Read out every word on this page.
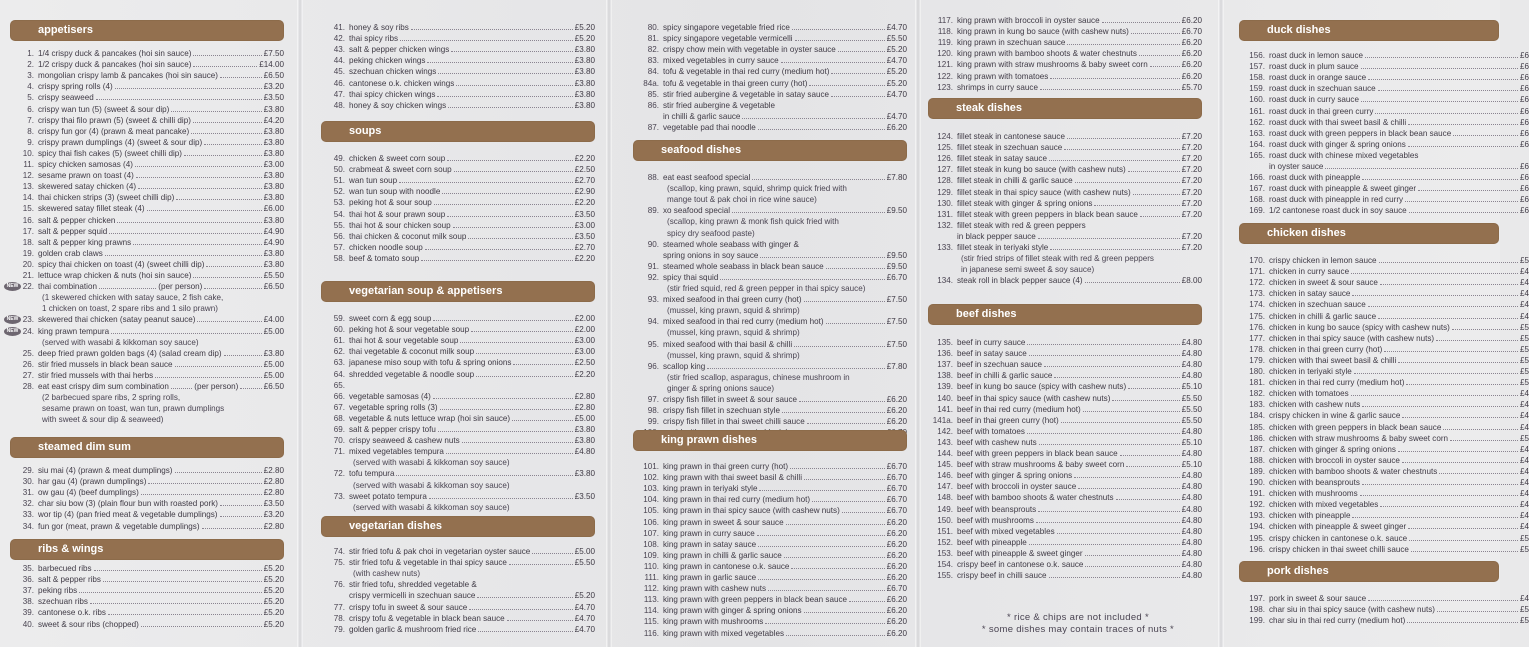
appetisers
1. 1/4 crispy duck & pancakes (hoi sin sauce)	£7.50
2. 1/2 crispy duck & pancakes (hoi sin sauce)	£14.00
3. mongolian crispy lamb & pancakes (hoi sin sauce)	£6.50
4. crispy spring rolls (4)	£3.20
5. crispy seaweed	£3.50
6. crispy wan tun (5) (sweet & sour dip)	£3.80
7. crispy thai filo prawn (5) (sweet & chilli dip)	£4.20
8. crispy fun gor (4) (prawn & meat pancake)	£3.80
9. crispy prawn dumplings (4) (sweet & sour dip)	£3.80
10. spicy thai fish cakes (5) (sweet chilli dip)	£3.80
11. spicy chicken samosas (4)	£3.00
12. sesame prawn on toast (4)	£3.80
13. skewered satay chicken (4)	£3.80
14. thai chicken strips (3) (sweet chilli dip)	£3.80
15. skewered satay fillet steak (4)	£6.00
16. salt & pepper chicken	£3.80
17. salt & pepper squid	£4.90
18. salt & pepper king prawns	£4.90
19. golden crab claws	£3.80
20. spicy thai chicken on toast (4) (sweet chilli dip)	£3.80
21. lettuce wrap chicken & nuts (hoi sin sauce)	£5.50
22. thai combination	(per person)	£6.50
NEW
(1 skewered chicken with satay sauce, 2 fish cake,
1 chicken on toast, 2 spare ribs and 1 silo prawn)
23. skewered thai chicken (satay peanut sauce)	£4.00
NEW
24. king prawn tempura	£5.00
NEW
(served with wasabi & kikkoman soy sauce)
25. deep fried prawn golden bags (4) (salad cream dip)	£3.80
26. stir fried mussels in black bean sauce	£5.00
27. stir fried mussels with thai herbs	£5.00
28. eat east crispy dim sum combination	(per person)	£6.50
(2 barbecued spare ribs, 2 spring rolls,
sesame prawn on toast, wan tun, prawn dumplings
with sweet & sour dip & seaweed)
steamed dim sum
29. siu mai (4) (prawn & meat dumplings)	£2.80
30. har gau (4) (prawn dumplings)	£2.80
31. ow gau (4) (beef dumplings)	£2.80
32. char siu bow (3) (plain flour bun with roasted pork)	£3.50
33. wor tip (4) (pan fried meat & vegetable dumplings)	£3.20
34. fun gor (meat, prawn & vegetable dumplings)	£2.80
ribs & wings
35. barbecued ribs	£5.20
36. salt & pepper ribs	£5.20
37. peking ribs	£5.20
38. szechuan ribs	£5.20
39. cantonese o.k. ribs	£5.20
40. sweet & sour ribs (chopped)	£5.20
41. honey & soy ribs	£5.20
42. thai spicy ribs	£5.20
43. salt & pepper chicken wings	£3.80
44. peking chicken wings	£3.80
45. szechuan chicken wings	£3.80
46. cantonese o.k. chicken wings	£3.80
47. thai spicy chicken wings	£3.80
48. honey & soy chicken wings	£3.80
soups
49. chicken & sweet corn soup	£2.20
50. crabmeat & sweet corn soup	£2.50
51. wan tun soup	£2.70
52. wan tun soup with noodle	£2.90
53. peking hot & sour soup	£2.20
54. thai hot & sour prawn soup	£3.50
55. thai hot & sour chicken soup	£3.00
56. thai chicken & coconut milk soup	£3.50
57. chicken noodle soup	£2.70
58. beef & tomato soup	£2.20
vegetarian soup & appetisers
59. sweet corn & egg soup	£2.00
60. peking hot & sour vegetable soup	£2.00
61. thai hot & sour vegetable soup	£3.00
62. thai vegetable & coconut milk soup	£3.00
63. japanese miso soup with tofu & spring onions	£2.50
64. shredded vegetable & noodle soup	£2.20
65.
66. vegetable samosas (4)	£2.80
67. vegetable spring rolls (3)	£2.80
68. vegetable & nuts lettuce wrap (hoi sin sauce)	£5.00
69. salt & pepper crispy tofu	£3.80
70. crispy seaweed & cashew nuts	£3.80
71. mixed vegetables tempura	£4.80
(served with wasabi & kikkoman soy sauce)
72. tofu tempura	£3.80
(served with wasabi & kikkoman soy sauce)
73. sweet potato tempura	£3.50
(served with wasabi & kikkoman soy sauce)
vegetarian dishes
74. stir fried tofu & pak choi in vegetarian oyster sauce	£5.00
75. stir fried tofu & vegetable in thai spicy sauce	£5.50
(with cashew nuts)
76. stir fried tofu, shredded vegetable &
crispy vermicelli in szechuan sauce	£5.20
77. crispy tofu in sweet & sour sauce	£4.70
78. crispy tofu & vegetable in black bean sauce	£4.70
79. golden garlic & mushroom fried rice	£4.70
80. spicy singapore vegetable fried rice	£4.70
81. spicy singapore vegetable vermicelli	£5.50
82. crispy chow mein with vegetable in oyster sauce	£5.20
83. mixed vegetables in curry sauce	£4.70
84. tofu & vegetable in thai red curry (medium hot)	£5.20
84a. tofu & vegetable in thai green curry (hot)	£5.20
85. stir fried aubergine & vegetable in satay sauce	£4.70
86. stir fried aubergine & vegetable
in chilli & garlic sauce	£4.70
87. vegetable pad thai noodle	£6.20
seafood dishes
88. eat east seafood special	£7.80
(scallop, king prawn, squid, shrimp quick fried with
mange tout & pak choi in rice wine sauce)
89. xo seafood special	£9.50
(scallop, king prawn & monk fish quick fried with
spicy dry seafood paste)
90. steamed whole seabass with ginger &
spring onions in soy sauce	£9.50
91. steamed whole seabass in black bean sauce	£9.50
92. spicy thai squid	£6.70
(stir fried squid, red & green pepper in thai spicy sauce)
93. mixed seafood in thai green curry (hot)	£7.50
(mussel, king prawn, squid & shrimp)
94. mixed seafood in thai red curry (medium hot)	£7.50
(mussel, king prawn, squid & shrimp)
95. mixed seafood with thai basil & chilli	£7.50
(mussel, king prawn, squid & shrimp)
96. scallop king	£7.80
(stir fried scallop, asparagus, chinese mushroom in
ginger & spring onions sauce)
97. crispy fish fillet in sweet & sour sauce	£6.20
98. crispy fish fillet in szechuan style	£6.20
99. crispy fish fillet in thai sweet chilli sauce	£6.20
king prawn dishes
101. king prawn in thai green curry (hot)	£6.70
102. king prawn with thai sweet basil & chilli	£6.70
103. king prawn in teriyaki style	£6.70
104. king prawn in thai red curry (medium hot)	£6.70
105. king prawn in thai spicy sauce (with cashew nuts)	£6.70
106. king prawn in sweet & sour sauce	£6.20
107. king prawn in curry sauce	£6.20
108. king prawn in satay sauce	£6.20
109. king prawn in chilli & garlic sauce	£6.20
110. king prawn in cantonese o.k. sauce	£6.20
111. king prawn in garlic sauce	£6.20
112. king prawn with cashew nuts	£6.70
113. king prawn with green peppers in black bean sauce	£6.20
114. king prawn with ginger & spring onions	£6.20
115. king prawn with mushrooms	£6.20
116. king prawn with mixed vegetables	£6.20
117. king prawn with broccoli in oyster sauce	£6.20
118. king prawn in kung bo sauce (with cashew nuts)	£6.70
119. king prawn in szechuan sauce	£6.20
120. king prawn with bamboo shoots & water chestnuts	£6.20
121. king prawn with straw mushrooms & baby sweet corn	£6.20
122. king prawn with tomatoes	£6.20
123. shrimps in curry sauce	£5.70
steak dishes
124. fillet steak in cantonese sauce	£7.20
125. fillet steak in szechuan sauce	£7.20
126. fillet steak in satay sauce	£7.20
127. fillet steak in kung bo sauce (with cashew nuts)	£7.20
128. fillet steak in chilli & garlic sauce	£7.20
129. fillet steak in thai spicy sauce (with cashew nuts)	£7.20
130. fillet steak with ginger & spring onions	£7.20
131. fillet steak with green peppers in black bean sauce	£7.20
132. fillet steak with red & green peppers
in black pepper sauce	£7.20
133. fillet steak in teriyaki style	£7.20
(stir fried strips of fillet steak with red & green peppers
in japanese semi sweet & soy sauce)
134. steak roll in black pepper sauce (4)	£8.00
beef dishes
135. beef in curry sauce	£4.80
136. beef in satay sauce	£4.80
137. beef in szechuan sauce	£4.80
138. beef in chilli & garlic sauce	£4.80
139. beef in kung bo sauce (spicy with cashew nuts)	£5.10
140. beef in thai spicy sauce (with cashew nuts)	£5.50
141. beef in thai red curry (medium hot)	£5.50
141a. beef in thai green curry (hot)	£5.50
142. beef with tomatoes	£4.80
143. beef with cashew nuts	£5.10
144. beef with green peppers in black bean sauce	£4.80
145. beef with straw mushrooms & baby sweet corn	£5.10
146. beef with ginger & spring onions	£4.80
147. beef with broccoli in oyster sauce	£4.80
148. beef with bamboo shoots & water chestnuts	£4.80
149. beef with beansprouts	£4.80
150. beef with mushrooms	£4.80
151. beef with mixed vegetables	£4.80
152. beef with pineapple	£4.80
153. beef with pineapple & sweet ginger	£4.80
154. crispy beef in cantonese o.k. sauce	£4.80
155. crispy beef in chilli sauce	£4.80
duck dishes
156. roast duck in lemon sauce	£6
157. roast duck in plum sauce	£6
158. roast duck in orange sauce	£6
159. roast duck in szechuan sauce	£6
160. roast duck in curry sauce	£6
161. roast duck in thai green curry	£6
162. roast duck with thai sweet basil & chilli	£6
163. roast duck with green peppers in black bean sauce	£6
164. roast duck with ginger & spring onions	£6
165. roast duck with chinese mixed vegetables
in oyster sauce	£6
166. roast duck with pineapple	£6
167. roast duck with pineapple & sweet ginger	£6
168. roast duck with pineapple in red curry	£6
169. 1/2 cantonese roast duck in soy sauce	£6
chicken dishes
170. crispy chicken in lemon sauce	£5
171. chicken in curry sauce	£4
172. chicken in sweet & sour sauce	£4
173. chicken in satay sauce	£4
174. chicken in szechuan sauce	£4
175. chicken in chilli & garlic sauce	£4
176. chicken in kung bo sauce (spicy with cashew nuts)	£5
177. chicken in thai spicy sauce (with cashew nuts)	£5
178. chicken in thai green curry (hot)	£5
179. chicken with thai sweet basil & chilli	£5
180. chicken in teriyaki style	£5
181. chicken in thai red curry (medium hot)	£5
182. chicken with tomatoes	£4
183. chicken with cashew nuts	£4
184. crispy chicken in wine & garlic sauce	£4
185. chicken with green peppers in black bean sauce	£4
186. chicken with straw mushrooms & baby sweet corn	£5
187. chicken with ginger & spring onions	£4
188. chicken with broccoli in oyster sauce	£4
189. chicken with bamboo shoots & water chestnuts	£4
190. chicken with beansprouts	£4
191. chicken with mushrooms	£4
192. chicken with mixed vegetables	£4
193. chicken with pineapple	£4
194. chicken with pineapple & sweet ginger	£4
195. crispy chicken in cantonese o.k. sauce	£5
196. crispy chicken in thai sweet chilli sauce	£5
pork dishes
197. pork in sweet & sour sauce	£4
198. char siu in thai spicy sauce (with cashew nuts)	£5
199. char siu in thai red curry (medium hot)	£5
* rice & chips are not included *
* some dishes may contain traces of nuts *
